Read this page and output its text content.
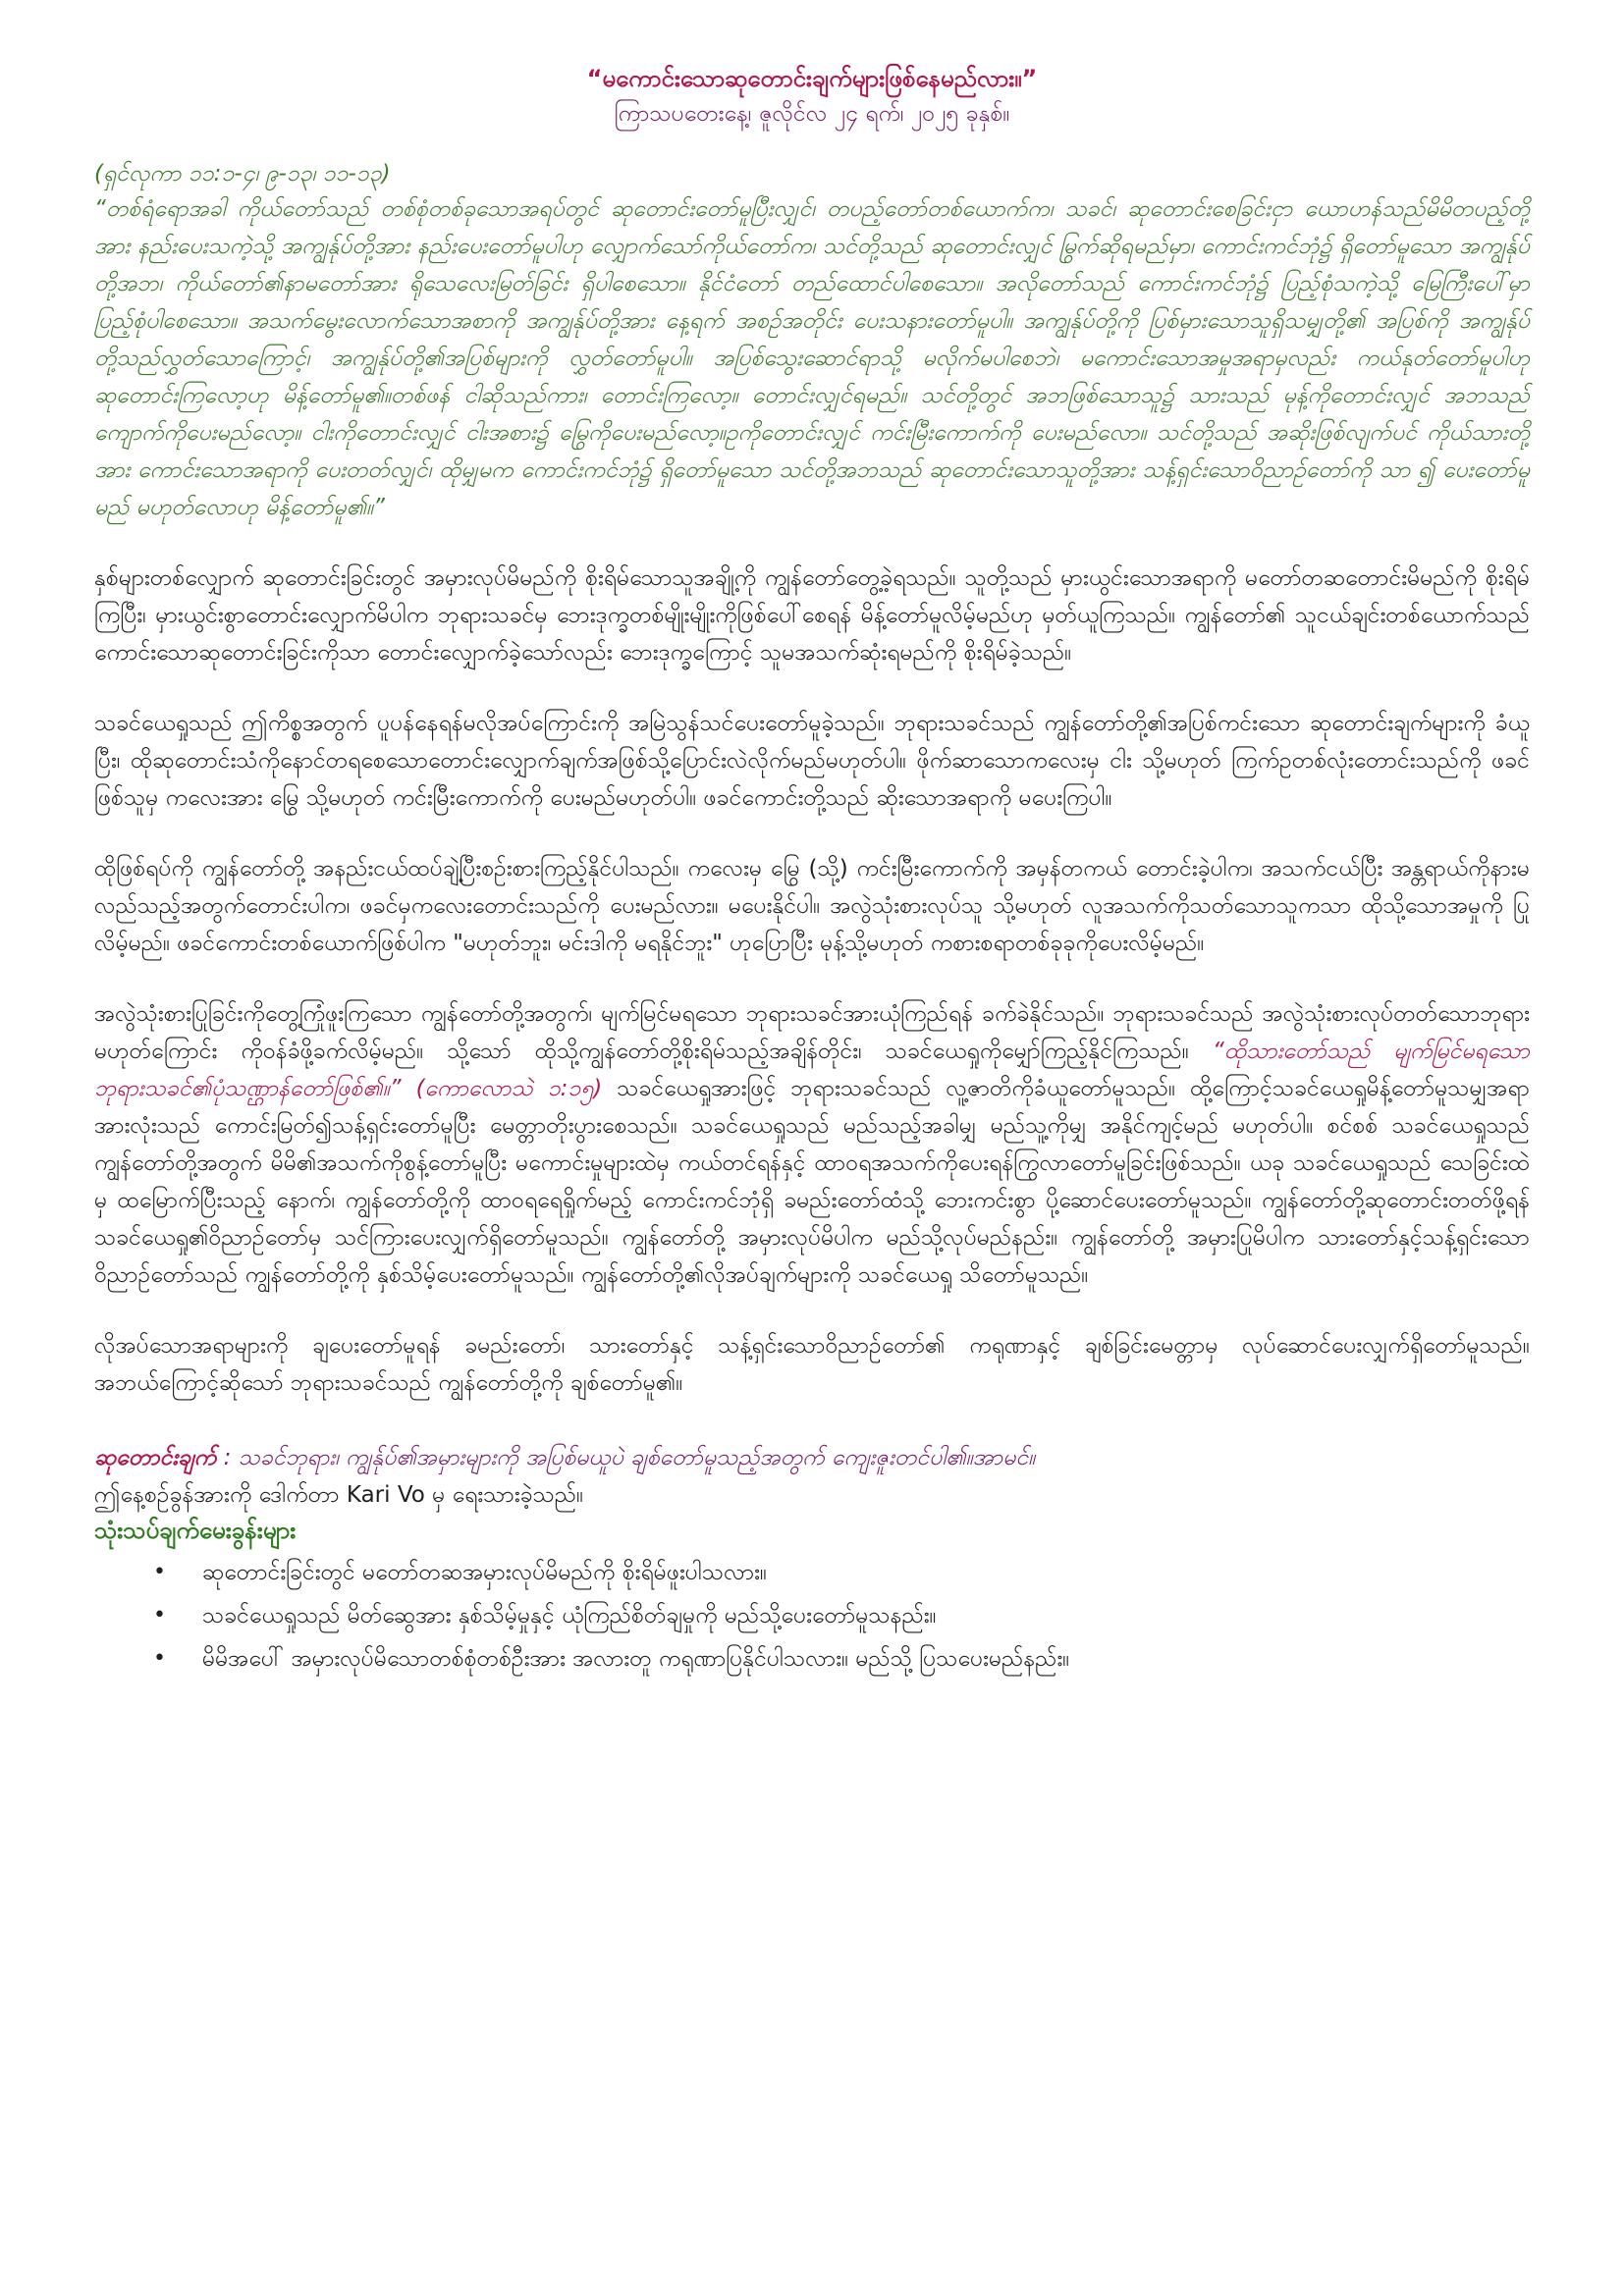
“မကောင်းသောဆုတောင်းချက်များဖြစ်နေမည်လား။”

ကြာသပတေးနေ့၊ ဇူလိုင်လ ၂၄ ရက်၊ ၂၀၂၅ ခုနှစ်။

(ရှင်လုကာ ၁၁:၁-၄၊ ၉-၁၃၊ ၁၁-၁၃)

“တစ်ရံရောအခါ ကိုယ်တော်သည် တစ်စုံတစ်ခုသောအရပ်တွင် ဆုတောင်းတော်မူပြီးလျှင်၊ တပည့်တော်တစ်ယောက်က၊ သခင်၊ ဆုတောင်းစေခြင်းငှာ ယောဟန်သည်မိမိတပည့်တို့အား နည်းပေးသကဲ့သို့ အကျွန်ုပ်တို့အား နည်းပေးတော်မူပါဟု လျှောက်သော်ကိုယ်တော်က၊ သင်တို့သည် ဆုတောင်းလျှင် မြွက်ဆိုရမည်မှာ၊ ကောင်းကင်ဘုံ၌ ရှိတော်မူသော အကျွန်ုပ်တို့အဘ၊ ကိုယ်တော်၏နာမတော်အား ရိုသေလေးမြတ်ခြင်း ရှိပါစေသော။ နိုင်ငံတော် တည်ထောင်ပါစေသော။ အလိုတော်သည် ကောင်းကင်ဘုံ၌ ပြည့်စုံသကဲ့သို့ မြေကြီးပေါ်မှာ ပြည့်စုံပါစေသော။ အသက်မွေးလောက်သောအစာကို အကျွန်ုပ်တို့အား နေ့ရက် အစဉ်အတိုင်း ပေးသနားတော်မူပါ။ အကျွန်ုပ်တို့ကို ပြစ်မှားသောသူရှိသမျှတို့၏ အပြစ်ကို အကျွန်ုပ်တို့သည်လွှတ်သောကြောင့်၊ အကျွန်ုပ်တို့၏အပြစ်များကို လွှတ်တော်မူပါ။ အပြစ်သွေးဆောင်ရာသို့ မလိုက်မပါစေဘဲ၊ မကောင်းသောအမှုအရာမှလည်း ကယ်နုတ်တော်မူပါဟု ဆုတောင်းကြလော့ဟု မိန့်တော်မူ၏။တစ်ဖန် ငါဆိုသည်ကား၊ တောင်းကြလော့။ တောင်းလျှင်ရမည်။ သင်တို့တွင် အဘဖြစ်သောသူ၌ သားသည် မုန့်ကိုတောင်းလျှင် အဘသည် ကျောက်ကိုပေးမည်လော့။ ငါးကိုတောင်းလျှင် ငါးအစား၌ မြွေကိုပေးမည်လော့။ဥကိုတောင်းလျှင် ကင်းမြီးကောက်ကို ပေးမည်လော။ သင်တို့သည် အဆိုးဖြစ်လျက်ပင် ကိုယ်သားတို့အား ကောင်းသောအရာကို ပေးတတ်လျှင်၊ ထိုမျှမက ကောင်းကင်ဘုံ၌ ရှိတော်မူသော သင်တို့အဘသည် ဆုတောင်းသောသူတို့အား သန့်ရှင်းသောဝိညာဉ်တော်ကို သာ ၍ ပေးတော်မူမည် မဟုတ်လောဟု မိန့်တော်မူ၏။”

နှစ်များတစ်လျှောက် ဆုတောင်းခြင်းတွင် အမှားလုပ်မိမည်ကို စိုးရိမ်သောသူအချို့ကို ကျွန်တော်တွေ့ခဲ့ရသည်။ သူတို့သည် မှားယွင်းသောအရာကို မတော်တဆတောင်းမိမည်ကို စိုးရိမ်ကြပြီး၊ မှားယွင်းစွာတောင်းလျှောက်မိပါက ဘုရားသခင်မှ ဘေးဒုက္ခတစ်မျိုးမျိုးကိုဖြစ်ပေါ်စေရန် မိန့်တော်မူလိမ့်မည်ဟု မှတ်ယူကြသည်။ ကျွန်တော်၏ သူငယ်ချင်းတစ်ယောက်သည် ကောင်းသောဆုတောင်းခြင်းကိုသာ တောင်းလျှောက်ခဲ့သော်လည်း ဘေးဒုက္ခကြောင့် သူမအသက်ဆုံးရမည်ကို စိုးရိမ်ခဲ့သည်။

သခင်ယေရှုသည် ဤကိစ္စအတွက် ပူပန်နေရန်မလိုအပ်ကြောင်းကို အမြဲသွန်သင်ပေးတော်မူခဲ့သည်။ ဘုရားသခင်သည် ကျွန်တော်တို့၏အပြစ်ကင်းသော ဆုတောင်းချက်များကို ခံယူပြီး၊ ထိုဆုတောင်းသံကိုနောင်တရစေသောတောင်းလျှောက်ချက်အဖြစ်သို့ပြောင်းလဲလိုက်မည်မဟုတ်ပါ။ ဖိုက်ဆာသောကလေးမှ ငါး သို့မဟုတ် ကြက်ဥတစ်လုံးတောင်းသည်ကို ဖခင်ဖြစ်သူမှ ကလေးအား မြွေ သို့မဟုတ် ကင်းမြီးကောက်ကို ပေးမည်မဟုတ်ပါ။ ဖခင်ကောင်းတို့သည် ဆိုးသောအရာကို မပေးကြပါ။

ထိုဖြစ်ရပ်ကို ကျွန်တော်တို့ အနည်းငယ်ထပ်ချဲ့ပြီးစဉ်းစားကြည့်နိုင်ပါသည်။ ကလေးမှ မြွေ (သို့) ကင်းမြီးကောက်ကို အမှန်တကယ် တောင်းခဲ့ပါက၊ အသက်ငယ်ပြီး အန္တရာယ်ကိုနားမလည်သည့်အတွက်တောင်းပါက၊ ဖခင်မှကလေးတောင်းသည်ကို ပေးမည်လား။ မပေးနိုင်ပါ။ အလွဲသုံးစားလုပ်သူ သို့မဟုတ် လူအသက်ကိုသတ်သောသူကသာ ထိုသို့သောအမှုကို ပြုလိမ့်မည်။ ဖခင်ကောင်းတစ်ယောက်ဖြစ်ပါက "မဟုတ်ဘူး၊ မင်းဒါကို မရနိုင်ဘူး" ဟုပြောပြီး မုန့်သို့မဟုတ် ကစားစရာတစ်ခုခုကိုပေးလိမ့်မည်။

အလွဲသုံးစားပြုခြင်းကိုတွေ့ကြုံဖူးကြသော ကျွန်တော်တို့အတွက်၊ မျက်မြင်မရသော ဘုရားသခင်အားယုံကြည်ရန် ခက်ခဲနိုင်သည်။ ဘုရားသခင်သည် အလွဲသုံးစားလုပ်တတ်သောဘုရားမဟုတ်ကြောင်း ကိုဝန်ခံဖို့ခက်လိမ့်မည်။ သို့သော် ထိုသို့ကျွန်တော်တို့စိုးရိမ်သည့်အချိန်တိုင်း၊ သခင်ယေရှုကိုမျှော်ကြည့်နိုင်ကြသည်။ “ထိုသားတော်သည် မျက်မြင်မရသော ဘုရားသခင်၏ပုံသဏ္ဌာန်တော်ဖြစ်၏။” (ကောလောသဲ ၁:၁၅) သခင်ယေရှုအားဖြင့် ဘုရားသခင်သည် လူ့ဇာတိကိုခံယူတော်မူသည်။ ထို့ကြောင့်သခင်ယေရှုမိန့်တော်မူသမျှအရာအားလုံးသည် ကောင်းမြတ်၍သန့်ရှင်းတော်မူပြီး မေတ္တာတိုးပွားစေသည်။ သခင်ယေရှုသည် မည်သည့်အခါမျှ မည်သူ့ကိုမျှ အနိုင်ကျင့်မည် မဟုတ်ပါ။ စင်စစ် သခင်ယေရှုသည် ကျွန်တော်တို့အတွက် မိမိ၏အသက်ကိုစွန့်တော်မူပြီး မကောင်းမှုများထဲမှ ကယ်တင်ရန်နှင့် ထာဝရအသက်ကိုပေးရန်ကြွလာတော်မူခြင်းဖြစ်သည်။ ယခု သခင်ယေရှုသည် သေခြင်းထဲမှ ထမြောက်ပြီးသည့် နောက်၊ ကျွန်တော်တို့ကို ထာဝရရေရှိုက်မည့် ကောင်းကင်ဘုံရှိ ခမည်းတော်ထံသို့ ဘေးကင်းစွာ ပို့ဆောင်ပေးတော်မူသည်။ ကျွန်တော်တို့ဆုတောင်းတတ်ဖို့ရန်သခင်ယေရှု၏ဝိညာဉ်တော်မှ သင်ကြားပေးလျှက်ရှိတော်မူသည်။ ကျွန်တော်တို့ အမှားလုပ်မိပါက မည်သို့လုပ်မည်နည်း။ ကျွန်တော်တို့ အမှားပြုမိပါက သားတော်နှင့်သန့်ရှင်းသောဝိညာဉ်တော်သည် ကျွန်တော်တို့ကို နှစ်သိမ့်ပေးတော်မူသည်။ ကျွန်တော်တို့၏လိုအပ်ချက်များကို သခင်ယေရှု သိတော်မူသည်။

လိုအပ်သောအရာများကို ချပေးတော်မူရန် ခမည်းတော်၊ သားတော်နှင့် သန့်ရှင်းသောဝိညာဉ်တော်၏ ကရုဏာနှင့် ချစ်ခြင်းမေတ္တာမှ လုပ်ဆောင်ပေးလျှက်ရှိတော်မူသည်။ အဘယ်ကြောင့်ဆိုသော် ဘုရားသခင်သည် ကျွန်တော်တို့ကို ချစ်တော်မူ၏။

ဆုတောင်းချက် : သခင်ဘုရား၊ ကျွန်ုပ်၏အမှားများကို အပြစ်မယူပဲ ချစ်တော်မူသည့်အတွက် ကျေးဇူးတင်ပါ၏။အာမင်။

ဤနေ့စဉ်ခွန်အားကို ဒေါက်တာ Kari Vo မှ ရေးသားခဲ့သည်။

သုံးသပ်ချက်မေးခွန်းများ

• ဆုတောင်းခြင်းတွင် မတော်တဆအမှားလုပ်မိမည်ကို စိုးရိမ်ဖူးပါသလား။
• သခင်ယေရှုသည် မိတ်ဆွေအား နှစ်သိမ့်မှုနှင့် ယုံကြည်စိတ်ချမှုကို မည်သို့ပေးတော်မူသနည်း။
• မိမိအပေါ် အမှားလုပ်မိသောတစ်စုံတစ်ဦးအား အလားတူ ကရုဏာပြနိုင်ပါသလား။ မည်သို့ ပြသပေးမည်နည်း။
